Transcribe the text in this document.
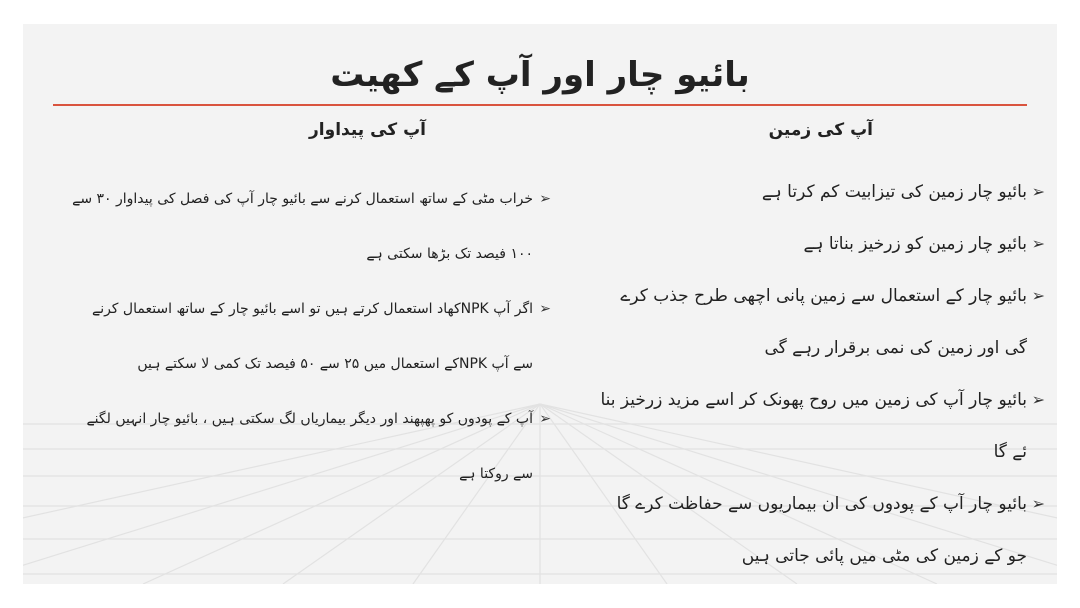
بائیو چار اور آپ کے کھیت
آپ کی زمین
➢
بائیو چار زمین کی تیزابیت کم کرتا ہے
➢
بائیو چار زمین کو زرخیز بناتا ہے
➢
بائیو چار کے استعمال سے زمین پانی اچھی طرح جذب کرے گی اور زمین کی نمی برقرار رہے گی
➢
بائیو چار آپ کی زمین میں روح پھونک کر اسے مزید زرخیز بنا ئے گا
➢
بائیو چار آپ کے پودوں کی ان بیماریوں سے حفاظت کرے گا جو کے زمین کی مٹی میں پائی جاتی ہیں
آپ کی پیداوار
➢
خراب مٹی کے ساتھ استعمال کرنے سے بائیو چار آپ کی فصل کی پیداوار ۳۰ سے ۱۰۰ فیصد تک بڑھا سکتی ہے
➢
اگر آپ NPKکھاد استعمال کرتے ہیں تو اسے بائیو چار کے ساتھ استعمال کرنے سے آپ NPKکے استعمال میں ۲۵ سے ۵۰ فیصد تک کمی لا سکتے ہیں
➢
آپ کے پودوں کو پھپھند اور دیگر بیماریاں لگ سکتی ہیں ، بائیو چار انہیں لگنے سے روکتا ہے
